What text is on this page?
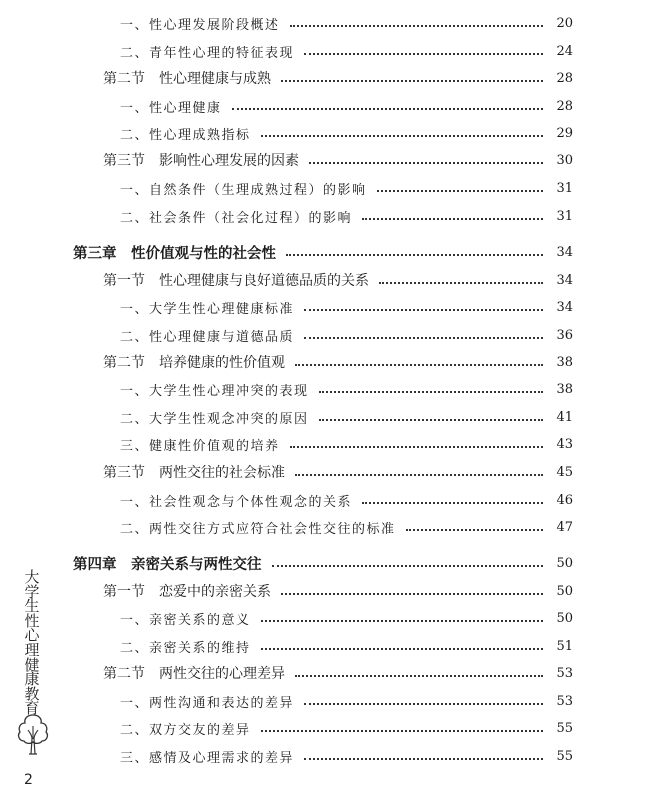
一、性心理发展阶段概述	20
二、青年性心理的特征表现	24
第二节　性心理健康与成熟	28
一、性心理健康	28
二、性心理成熟指标	29
第三节　影响性心理发展的因素	30
一、自然条件（生理成熟过程）的影响	31
二、社会条件（社会化过程）的影响	31
第三章　性价值观与性的社会性	34
第一节　性心理健康与良好道德品质的关系	34
一、大学生性心理健康标准	34
二、性心理健康与道德品质	36
第二节　培养健康的性价值观	38
一、大学生性心理冲突的表现	38
二、大学生性观念冲突的原因	41
三、健康性价值观的培养	43
第三节　两性交往的社会标准	45
一、社会性观念与个体性观念的关系	46
二、两性交往方式应符合社会性交往的标准	47
第四章　亲密关系与两性交往	50
第一节　恋爱中的亲密关系	50
一、亲密关系的意义	50
二、亲密关系的维持	51
第二节　两性交往的心理差异	53
一、两性沟通和表达的差异	53
二、双方交友的差异	55
三、感情及心理需求的差异	55
大
学
生
性
心
理
健
康
教
育
2
